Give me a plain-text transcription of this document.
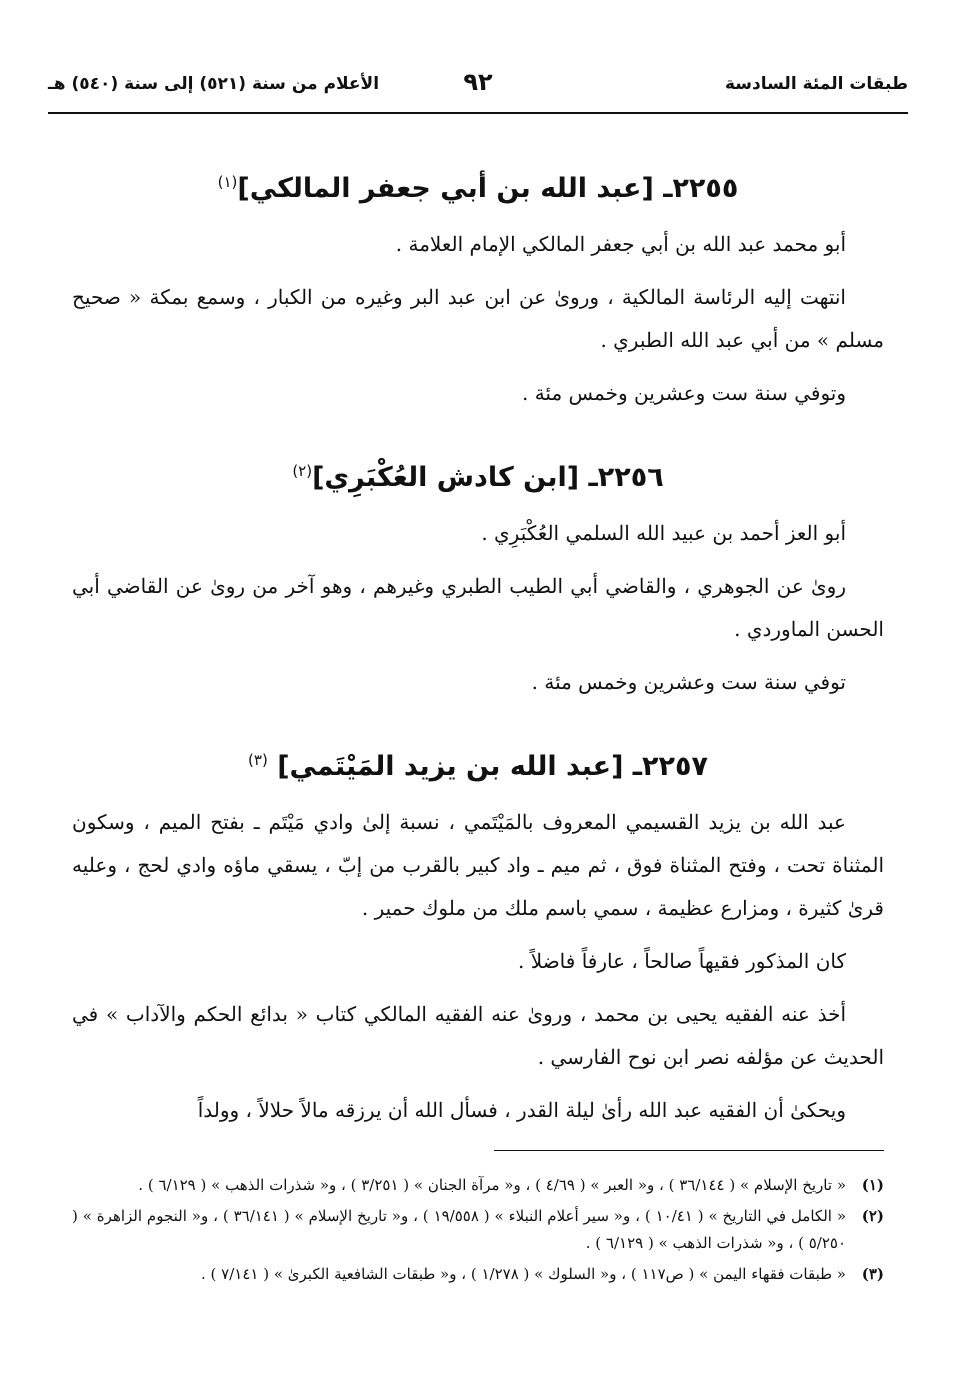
طبقات المئة السادسة
٩٢
الأعلام من سنة (٥٢١) إلى سنة (٥٤٠) هـ
٢٢٥٥ـ [عبد الله بن أبي جعفر المالكي]$^{(١)}$

أبو محمد عبد الله بن أبي جعفر المالكي الإمام العلامة .

انتهت إليه الرئاسة المالكية ، وروىٰ عن ابن عبد البر وغيره من الكبار ، وسمع بمكة « صحيح مسلم » من أبي عبد الله الطبري .

وتوفي سنة ست وعشرين وخمس مئة .

٢٢٥٦ـ [ابن كادش العُكْبَرِي]$^{(٢)}$

أبو العز أحمد بن عبيد الله السلمي العُكْبَرِي .

روىٰ عن الجوهري ، والقاضي أبي الطيب الطبري وغيرهم ، وهو آخر من روىٰ عن القاضي أبي الحسن الماوردي .

توفي سنة ست وعشرين وخمس مئة .

٢٢٥٧ـ [عبد الله بن يزيد المَيْتَمي] $^{(٣)}$

عبد الله بن يزيد القسيمي المعروف بالمَيْتَمي ، نسبة إلىٰ وادي مَيْتَم ـ بفتح الميم ، وسكون المثناة تحت ، وفتح المثناة فوق ، ثم ميم ـ واد كبير بالقرب من إبّ ، يسقي ماؤه وادي لحج ، وعليه قرىٰ كثيرة ، ومزارع عظيمة ، سمي باسم ملك من ملوك حمير .

كان المذكور فقيهاً صالحاً ، عارفاً فاضلاً .

أخذ عنه الفقيه يحيى بن محمد ، وروىٰ عنه الفقيه المالكي كتاب « بدائع الحكم والآداب » في الحديث عن مؤلفه نصر ابن نوح الفارسي .

ويحكىٰ أن الفقيه عبد الله رأىٰ ليلة القدر ، فسأل الله أن يرزقه مالاً حلالاً ، وولداً

(١)
« تاريخ الإسلام » ( ٣٦/١٤٤ ) ، و« العبر » ( ٤/٦٩ ) ، و« مرآة الجنان » ( ٣/٢٥١ ) ، و« شذرات الذهب » ( ٦/١٢٩ ) .
(٢)
« الكامل في التاريخ » ( ١٠/٤١ ) ، و« سير أعلام النبلاء » ( ١٩/٥٥٨ ) ، و« تاريخ الإسلام » ( ٣٦/١٤١ ) ، و« النجوم الزاهرة » ( ٥/٢٥٠ ) ، و« شذرات الذهب » ( ٦/١٢٩ ) .
(٣)
« طبقات فقهاء اليمن » ( ص١١٧ ) ، و« السلوك » ( ١/٢٧٨ ) ، و« طبقات الشافعية الكبرىٰ » ( ٧/١٤١ ) .
